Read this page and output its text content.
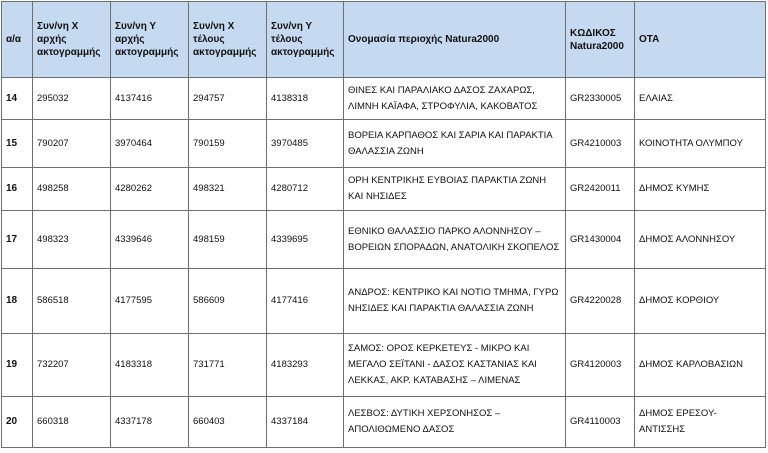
α/α	Συν/νη Χ αρχής ακτογραμμής	Συν/νη Υ αρχής ακτογραμμής	Συν/νη Χ τέλους ακτογραμμής	Συν/νη Υ τέλους ακτογραμμής	Ονομασία περιοχής Natura2000	ΚΩΔΙΚΟΣ Natura2000	ΟΤΑ
14	295032	4137416	294757	4138318	ΘΙΝΕΣ ΚΑΙ ΠΑΡΑΛΙΑΚΟ ΔΑΣΟΣ ΖΑΧΑΡΩΣ, ΛΙΜΝΗ ΚΑΪΑΦΑ, ΣΤΡΟΦΥΛΙΑ, ΚΑΚΟΒΑΤΟΣ	GR2330005	ΕΛΑΙΑΣ
15	790207	3970464	790159	3970485	ΒΟΡΕΙΑ ΚΑΡΠΑΘΟΣ ΚΑΙ ΣΑΡΙΑ ΚΑΙ ΠΑΡΑΚΤΙΑ ΘΑΛΑΣΣΙΑ ΖΩΝΗ	GR4210003	ΚΟΙΝΟΤΗΤΑ ΟΛΥΜΠΟΥ
16	498258	4280262	498321	4280712	ΟΡΗ ΚΕΝΤΡΙΚΗΣ ΕΥΒΟΙΑΣ ΠΑΡΑΚΤΙΑ ΖΩΝΗ ΚΑΙ ΝΗΣΙΔΕΣ	GR2420011	ΔΗΜΟΣ ΚΥΜΗΣ
17	498323	4339646	498159	4339695	ΕΘΝΙΚΟ ΘΑΛΑΣΣΙΟ ΠΑΡΚΟ ΑΛΟΝΝΗΣΟΥ – ΒΟΡΕΙΩΝ ΣΠΟΡΑΔΩΝ, ΑΝΑΤΟΛΙΚΗ ΣΚΟΠΕΛΟΣ	GR1430004	ΔΗΜΟΣ ΑΛΟΝΝΗΣΟΥ
18	586518	4177595	586609	4177416	ΑΝΔΡΟΣ: ΚΕΝΤΡΙΚΟ ΚΑΙ ΝΟΤΙΟ ΤΜΗΜΑ, ΓΥΡΩ ΝΗΣΙΔΕΣ ΚΑΙ ΠΑΡΑΚΤΙΑ ΘΑΛΑΣΣΙΑ ΖΩΝΗ	GR4220028	ΔΗΜΟΣ ΚΟΡΘΙΟΥ
19	732207	4183318	731771	4183293	ΣΑΜΟΣ: ΟΡΟΣ ΚΕΡΚΕΤΕΥΣ - ΜΙΚΡΟ ΚΑΙ ΜΕΓΑΛΟ ΣΕΪΤΑΝΙ - ΔΑΣΟΣ ΚΑΣΤΑΝΙΑΣ ΚΑΙ ΛΕΚΚΑΣ, ΑΚΡ. ΚΑΤΑΒΑΣΗΣ – ΛΙΜΕΝΑΣ	GR4120003	ΔΗΜΟΣ ΚΑΡΛΟΒΑΣΙΩΝ
20	660318	4337178	660403	4337184	ΛΕΣΒΟΣ: ΔΥΤΙΚΗ ΧΕΡΣΟΝΗΣΟΣ – ΑΠΟΛΙΘΩΜΕΝΟ ΔΑΣΟΣ	GR4110003	ΔΗΜΟΣ ΕΡΕΣΟΥ-ΑΝΤΙΣΣΗΣ
